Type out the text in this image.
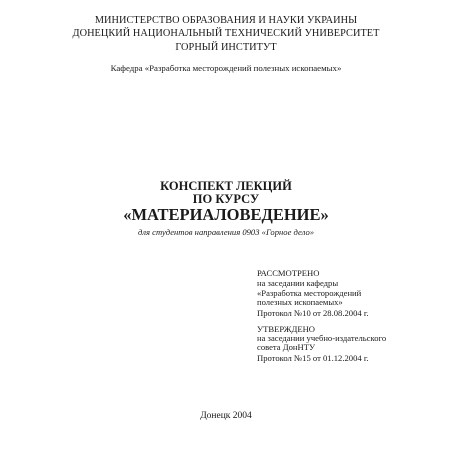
МИНИСТЕРСТВО ОБРАЗОВАНИЯ И НАУКИ УКРАИНЫ
ДОНЕЦКИЙ НАЦИОНАЛЬНЫЙ ТЕХНИЧЕСКИЙ УНИВЕРСИТЕТ
ГОРНЫЙ ИНСТИТУТ
Кафедра «Разработка месторождений полезных ископаемых»
КОНСПЕКТ ЛЕКЦИЙ
ПО КУРСУ
«МАТЕРИАЛОВЕДЕНИЕ»
для студентов направления 0903 «Горное дело»
РАССМОТРЕНО
на заседании кафедры
«Разработка месторождений
полезных ископаемых»
Протокол №10 от 28.08.2004 г.
УТВЕРЖДЕНО
на заседании учебно-издательского
совета ДонНТУ
Протокол №15 от 01.12.2004 г.
Донецк 2004
